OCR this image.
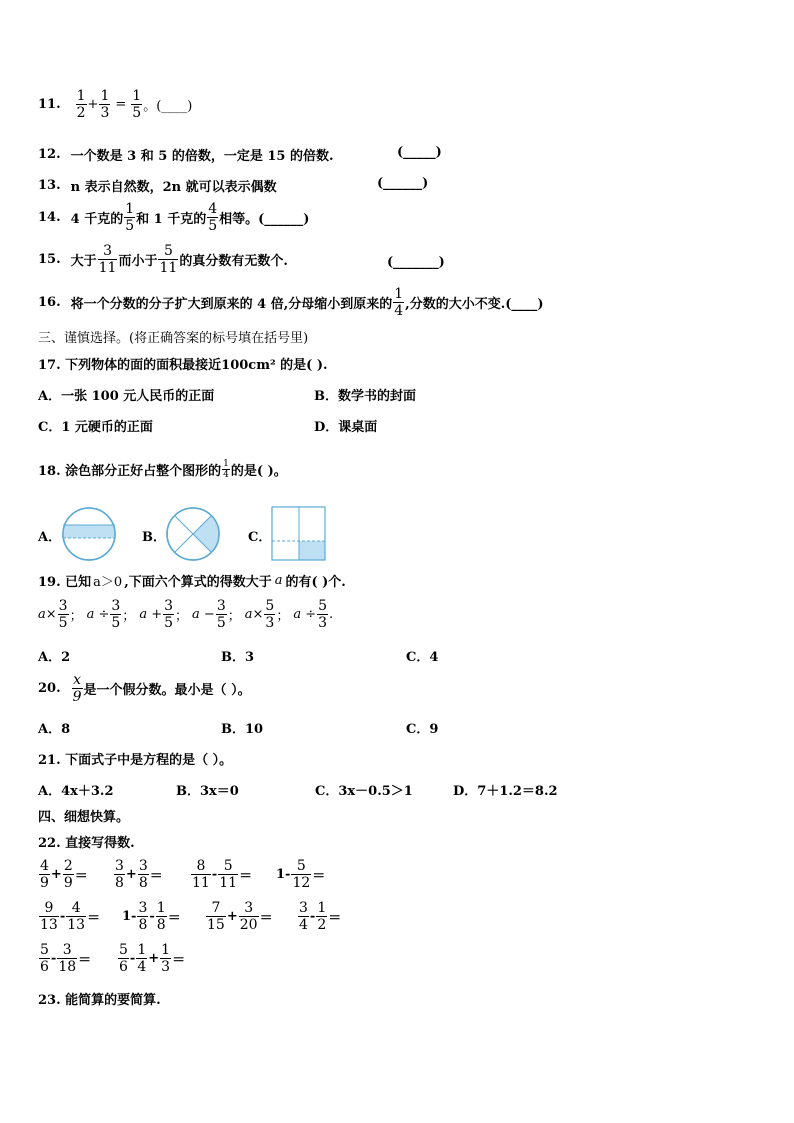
11. $\frac{1}{2} + \frac{1}{3} = \frac{1}{5}$ 。(____)
12. 一个数是 3 和 5 的倍数，一定是 15 的倍数.	(_____)
13. n 表示自然数，2n 就可以表示偶数	(______)
14. 4 千克的 $\frac{1}{5}$ 和 1 千克的 $\frac{4}{5}$ 相等。(______)
15. 大于 $\frac{3}{11}$ 而小于 $\frac{5}{11}$ 的真分数有无数个.	(_______)
16. 将一个分数的分子扩大到原来的 4 倍,分母缩小到原来的 $\frac{1}{4}$ ,分数的大小不变.(____)
三、谨慎选择。(将正确答案的标号填在括号里)
17. 下列物体的面的面积最接近100cm² 的是( ).
A．一张 100 元人民币的正面	B．数学书的封面
C．1 元硬币的正面	D．课桌面
18. 涂色部分正好占整个图形的 $\frac{1}{4}$ 的是( )。
A．	B．	C．
19. 已知 a＞0 ,下面六个算式的得数大于 a 的有( )个.
$a\times \frac{3}{5}$ ； $a \div \frac{3}{5}$ ； $a + \frac{3}{5}$ ； $a - \frac{3}{5}$ ； $a\times \frac{5}{3}$ ； $a \div \frac{5}{3}$ .
A．2	B．3	C．4
20. $\frac{x}{9}$ 是一个假分数。最小是（ ）。
A．8	B．10	C．9
21. 下面式子中是方程的是（ ）。
A．4x＋3.2	B．3x＝0	C．3x－0.5＞1	D．7＋1.2＝8.2
四、细想快算。
22. 直接写得数.
$\frac{4}{9} + \frac{2}{9} = \frac{3}{8} + \frac{3}{8} = \frac{8}{11} - \frac{5}{11} = 1- \frac{5}{12}$ ＝
$\frac{9}{13} - \frac{4}{13} = 1- \frac{3}{8} - \frac{1}{8} = \frac{7}{15} + \frac{3}{20} = \frac{3}{4} - \frac{1}{2}$ ＝
$\frac{5}{6} - \frac{3}{18} = \frac{5}{6} - \frac{1}{4} + \frac{1}{3}$ ＝
23. 能简算的要简算.
